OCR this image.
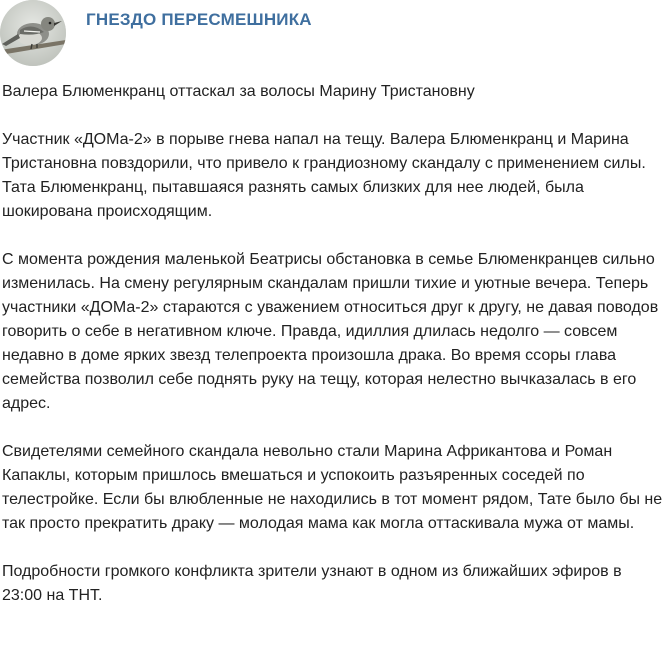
ГНЕЗДО ПЕРЕСМЕШНИКА

Валера Блюменкранц оттаскал за волосы Марину Тристановну

Участник «ДОМа-2» в порыве гнева напал на тещу. Валера Блюменкранц и Марина Тристановна повздорили, что привело к грандиозному скандалу с применением силы. Тата Блюменкранц, пытавшаяся разнять самых близких для нее людей, была шокирована происходящим.

С момента рождения маленькой Беатрисы обстановка в семье Блюменкранцев сильно изменилась. На смену регулярным скандалам пришли тихие и уютные вечера. Теперь участники «ДОМа-2» стараются с уважением относиться друг к другу, не давая поводов говорить о себе в негативном ключе. Правда, идиллия длилась недолго — совсем недавно в доме ярких звезд телепроекта произошла драка. Во время ссоры глава семейства позволил себе поднять руку на тещу, которая нелестно вычказалась в его адрес.

Свидетелями семейного скандала невольно стали Марина Африкантова и Роман Капаклы, которым пришлось вмешаться и успокоить разъяренных соседей по телестройке. Если бы влюбленные не находились в тот момент рядом, Тате было бы не так просто прекратить драку — молодая мама как могла оттаскивала мужа от мамы.

Подробности громкого конфликта зрители узнают в одном из ближайших эфиров в 23:00 на ТНТ.
